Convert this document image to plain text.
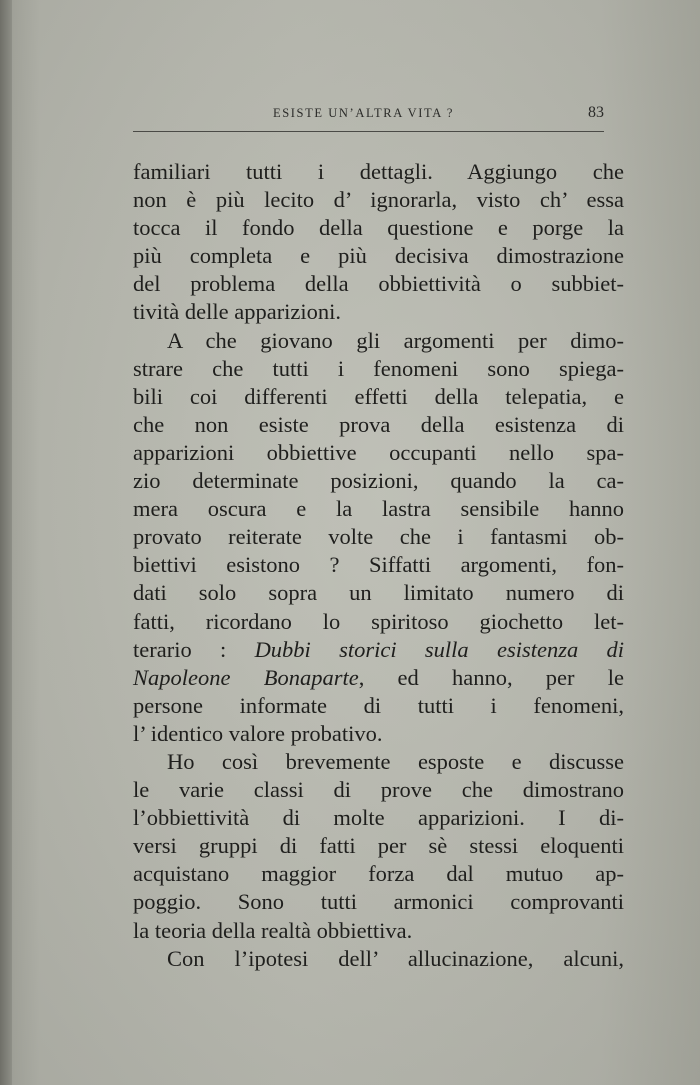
ESISTE UN’ALTRA VITA ?	83
familiari tutti i dettagli. Aggiungo che
non è più lecito d’ ignorarla, visto ch’ essa
tocca il fondo della questione e porge la
più completa e più decisiva dimostrazione
del problema della obbiettività o subbiet-
tività delle apparizioni.
A che giovano gli argomenti per dimo-
strare che tutti i fenomeni sono spiega-
bili coi differenti effetti della telepatia, e
che non esiste prova della esistenza di
apparizioni obbiettive occupanti nello spa-
zio determinate posizioni, quando la ca-
mera oscura e la lastra sensibile hanno
provato reiterate volte che i fantasmi ob-
biettivi esistono ? Siffatti argomenti, fon-
dati solo sopra un limitato numero di
fatti, ricordano lo spiritoso giochetto let-
terario : Dubbi storici sulla esistenza di
Napoleone Bonaparte, ed hanno, per le
persone informate di tutti i fenomeni,
l’ identico valore probativo.
Ho così brevemente esposte e discusse
le varie classi di prove che dimostrano
l’obbiettività di molte apparizioni. I di-
versi gruppi di fatti per sè stessi eloquenti
acquistano maggior forza dal mutuo ap-
poggio. Sono tutti armonici comprovanti
la teoria della realtà obbiettiva.
Con l’ipotesi dell’ allucinazione, alcuni,
